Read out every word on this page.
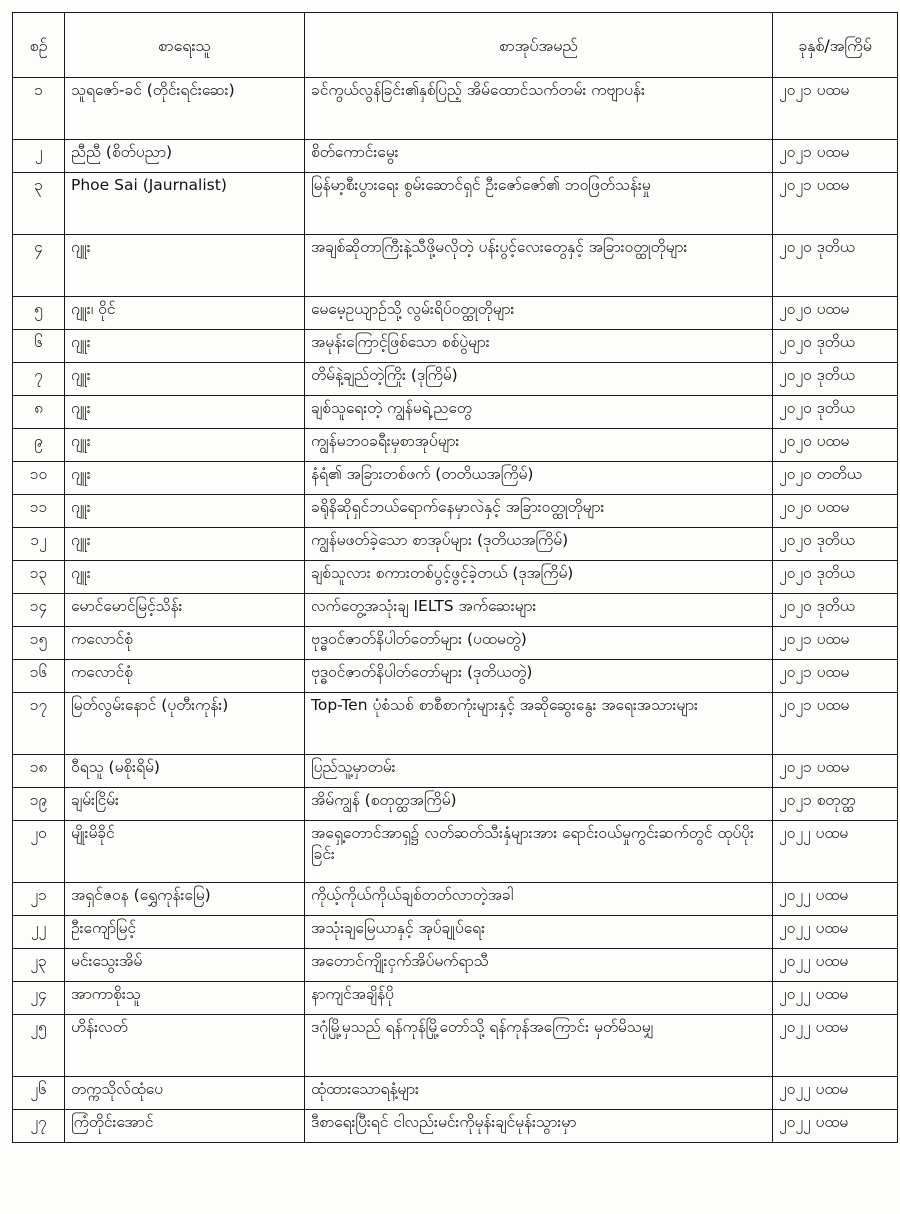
စဉ်	စာရေးသူ	စာအုပ်အမည်	ခုနှစ်/အကြိမ်
၁	သူရဇော်-ခင် (တိုင်းရင်းဆေး)	ခင်ကွယ်လွန်ခြင်း၏နှစ်ပြည့် အိမ်ထောင်သက်တမ်း ကဗျာပန်း	၂၀၂၁ ပထမ
၂	ညီညီ (စိတ်ပညာ)	စိတ်ကောင်းမွေး	၂၀၂၁ ပထမ
၃	Phoe Sai (Jaurnalist)	မြန်မာ့စီးပွားရေး စွမ်းဆောင်ရှင် ဦးဇော်ဇော်၏ ဘဝဖြတ်သန်းမှု	၂၀၂၁ ပထမ
၄	ဂျူး	အချစ်ဆိုတာကြီးနဲ့သီဖို့မလိုတဲ့ ပန်းပွင့်လေးတွေနှင့် အခြားဝတ္ထုတိုများ	၂၀၂၀ ဒုတိယ
၅	ဂျူး၊ ဝိုင်	မေမေ့ဥယျာဉ်သို့ လွမ်းရိပ်ဝတ္ထုတိုများ	၂၀၂၀ ပထမ
၆	ဂျူး	အမုန်းကြောင့်ဖြစ်သော စစ်ပွဲများ	၂၀၂၀ ဒုတိယ
၇	ဂျူး	တိမ်နဲ့ချည်တဲ့ကြိုး (ဒုကြိမ်)	၂၀၂၀ ဒုတိယ
၈	ဂျူး	ချစ်သူရေးတဲ့ ကျွန်မရဲ့ညတွေ	၂၀၂၀ ဒုတိယ
၉	ဂျူး	ကျွန်မဘဝခရီးမှစာအုပ်များ	၂၀၂၀ ပထမ
၁၀	ဂျူး	နံရံ၏ အခြားတစ်ဖက် (တတိယအကြိမ်)	၂၀၂၀ တတိယ
၁၁	ဂျူး	ခရိုနိဆိုရှင်ဘယ်ရောက်နေမှာလဲနှင့် အခြားဝတ္ထုတိုများ	၂၀၂၀ ပထမ
၁၂	ဂျူး	ကျွန်မဖတ်ခဲ့သော စာအုပ်များ (ဒုတိယအကြိမ်)	၂၀၂၀ ဒုတိယ
၁၃	ဂျူး	ချစ်သူလား စကားတစ်ပွင့်ဖွင့်ခဲ့တယ် (ဒုအကြိမ်)	၂၀၂၀ ဒုတိယ
၁၄	မောင်မောင်မြင့်သိန်း	လက်တွေ့အသုံးချ IELTS အက်ဆေးများ	၂၀၂၀ ဒုတိယ
၁၅	ကလောင်စုံ	ဗုဒ္ဓဝင်ဇာတ်နိပါတ်တော်များ (ပထမတွဲ)	၂၀၂၁ ပထမ
၁၆	ကလောင်စုံ	ဗုဒ္ဓဝင်ဇာတ်နိပါတ်တော်များ (ဒုတိယတွဲ)	၂၀၂၁ ပထမ
၁၇	မြတ်လွမ်းနောင် (ပုတီးကုန်း)	Top-Ten ပုံစံသစ် စာစီစာကုံးများနှင့် အဆိုဆွေးနွေး အရေးအသားများ	၂၀၂၁ ပထမ
၁၈	ဝီရသူ (မစိုးရိမ်)	ပြည်သူ့မှာတမ်း	၂၀၂၁ ပထမ
၁၉	ချမ်းငြိမ်း	အိမ်ကျွန် (စတုတ္ထအကြိမ်)	၂၀၂၁ စတုတ္ထ
၂၀	မျိုးမိခိုင်	အရှေ့တောင်အာရှ၌ လတ်ဆတ်သီးနှံများအား ရောင်းဝယ်မှုကွင်းဆက်တွင် ထုပ်ပိုးခြင်း	၂၀၂၂ ပထမ
၂၁	အရှင်ဇဝန (ရွှေကုန်းမြေ)	ကိုယ့်ကိုယ်ကိုယ်ချစ်တတ်လာတဲ့အခါ	၂၀၂၂ ပထမ
၂၂	ဦးကျော်မြင့်	အသုံးချမြေယာနှင့် အုပ်ချုပ်ရေး	၂၀၂၂ ပထမ
၂၃	မင်းသွေးအိမ်	အတောင်ကျိုးငှက်အိပ်မက်ရာသီ	၂၀၂၂ ပထမ
၂၄	အာကာစိုးသူ	နာကျင်အချိန်ပို	၂၀၂၂ ပထမ
၂၅	ဟိန်းလတ်	ဒဂုံမြို့မှသည် ရန်ကုန်မြို့တော်သို့ ရန်ကုန်အကြောင်း မှတ်မိသမျှ	၂၀၂၂ ပထမ
၂၆	တက္ကသိုလ်ထုံပေ	ထုံထားသောရနံ့များ	၂၀၂၂ ပထမ
၂၇	ကြံတိုင်းအောင်	ဒီစာရေးပြီးရင် ငါလည်းမင်းကိုမုန်းချင်မုန်းသွားမှာ	၂၀၂၂ ပထမ
